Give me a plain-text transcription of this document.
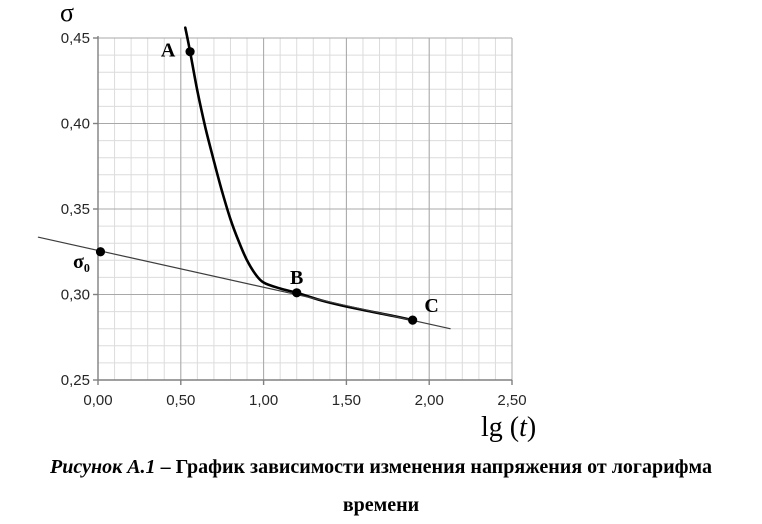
σ
0,25
0,30
0,35
0,40
0,45
0,00	0,50	1,00	1,50	2,00	2,50
A
B
C
σ₀
lg (t)
Рисунок А.1 – График зависимости изменения напряжения от логарифма
времени
